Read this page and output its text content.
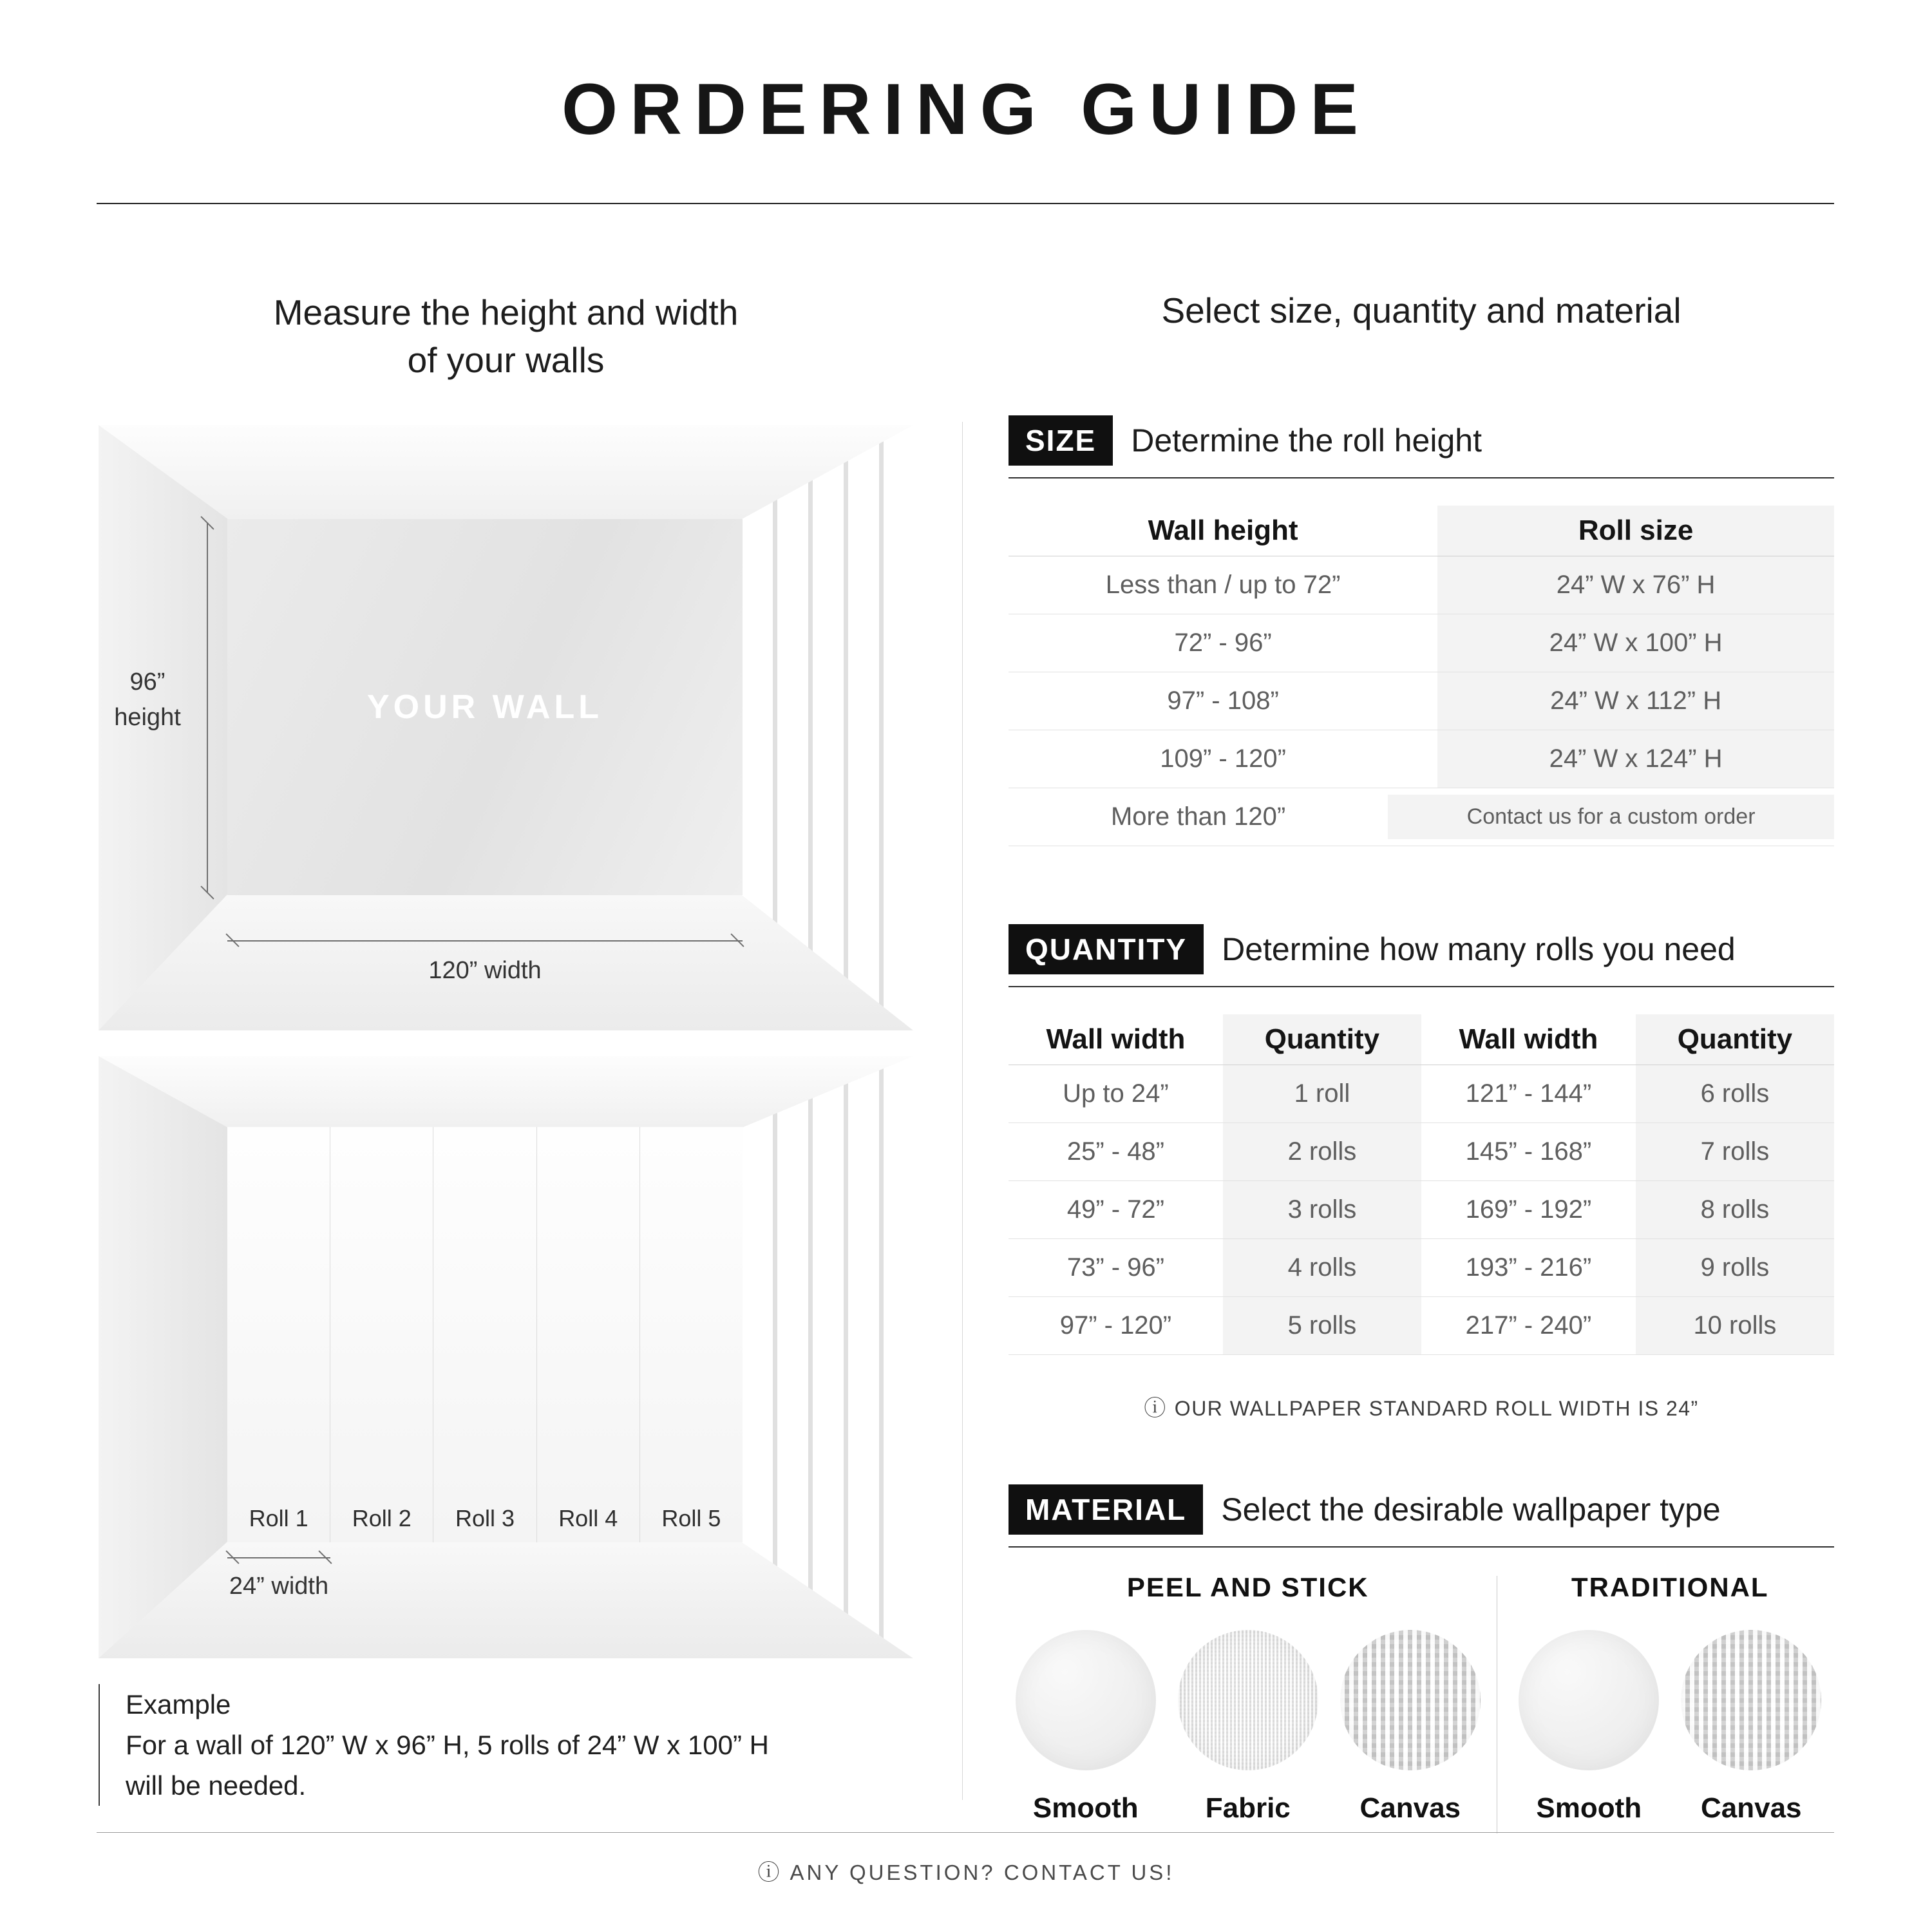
ORDERING GUIDE
Measure the height and width
of your walls
YOUR WALL
96”
height
120” width
Roll 1 Roll 2 Roll 3 Roll 4 Roll 5
24” width
Example
For a wall of 120” W x 96” H, 5 rolls of 24” W x 100” H
will be needed.
Select size, quantity and material
SIZE	Determine the roll height
Wall height	Roll size
Less than / up to 72”	24” W x 76” H
72” - 96”	24” W x 100” H
97” - 108”	24” W x 112” H
109” - 120”	24” W x 124” H
More than 120”	Contact us for a custom order
QUANTITY	Determine how many rolls you need
Wall width	Quantity	Wall width	Quantity
Up to 24”	1 roll	121” - 144”	6 rolls
25” - 48”	2 rolls	145” - 168”	7 rolls
49” - 72”	3 rolls	169” - 192”	8 rolls
73” - 96”	4 rolls	193” - 216”	9 rolls
97” - 120”	5 rolls	217” - 240”	10 rolls
ⓘ OUR WALLPAPER STANDARD ROLL WIDTH IS 24”
MATERIAL	Select the desirable wallpaper type
PEEL AND STICK
Smooth Fabric Canvas
TRADITIONAL
Smooth Canvas
ⓘ ANY QUESTION? CONTACT US!
